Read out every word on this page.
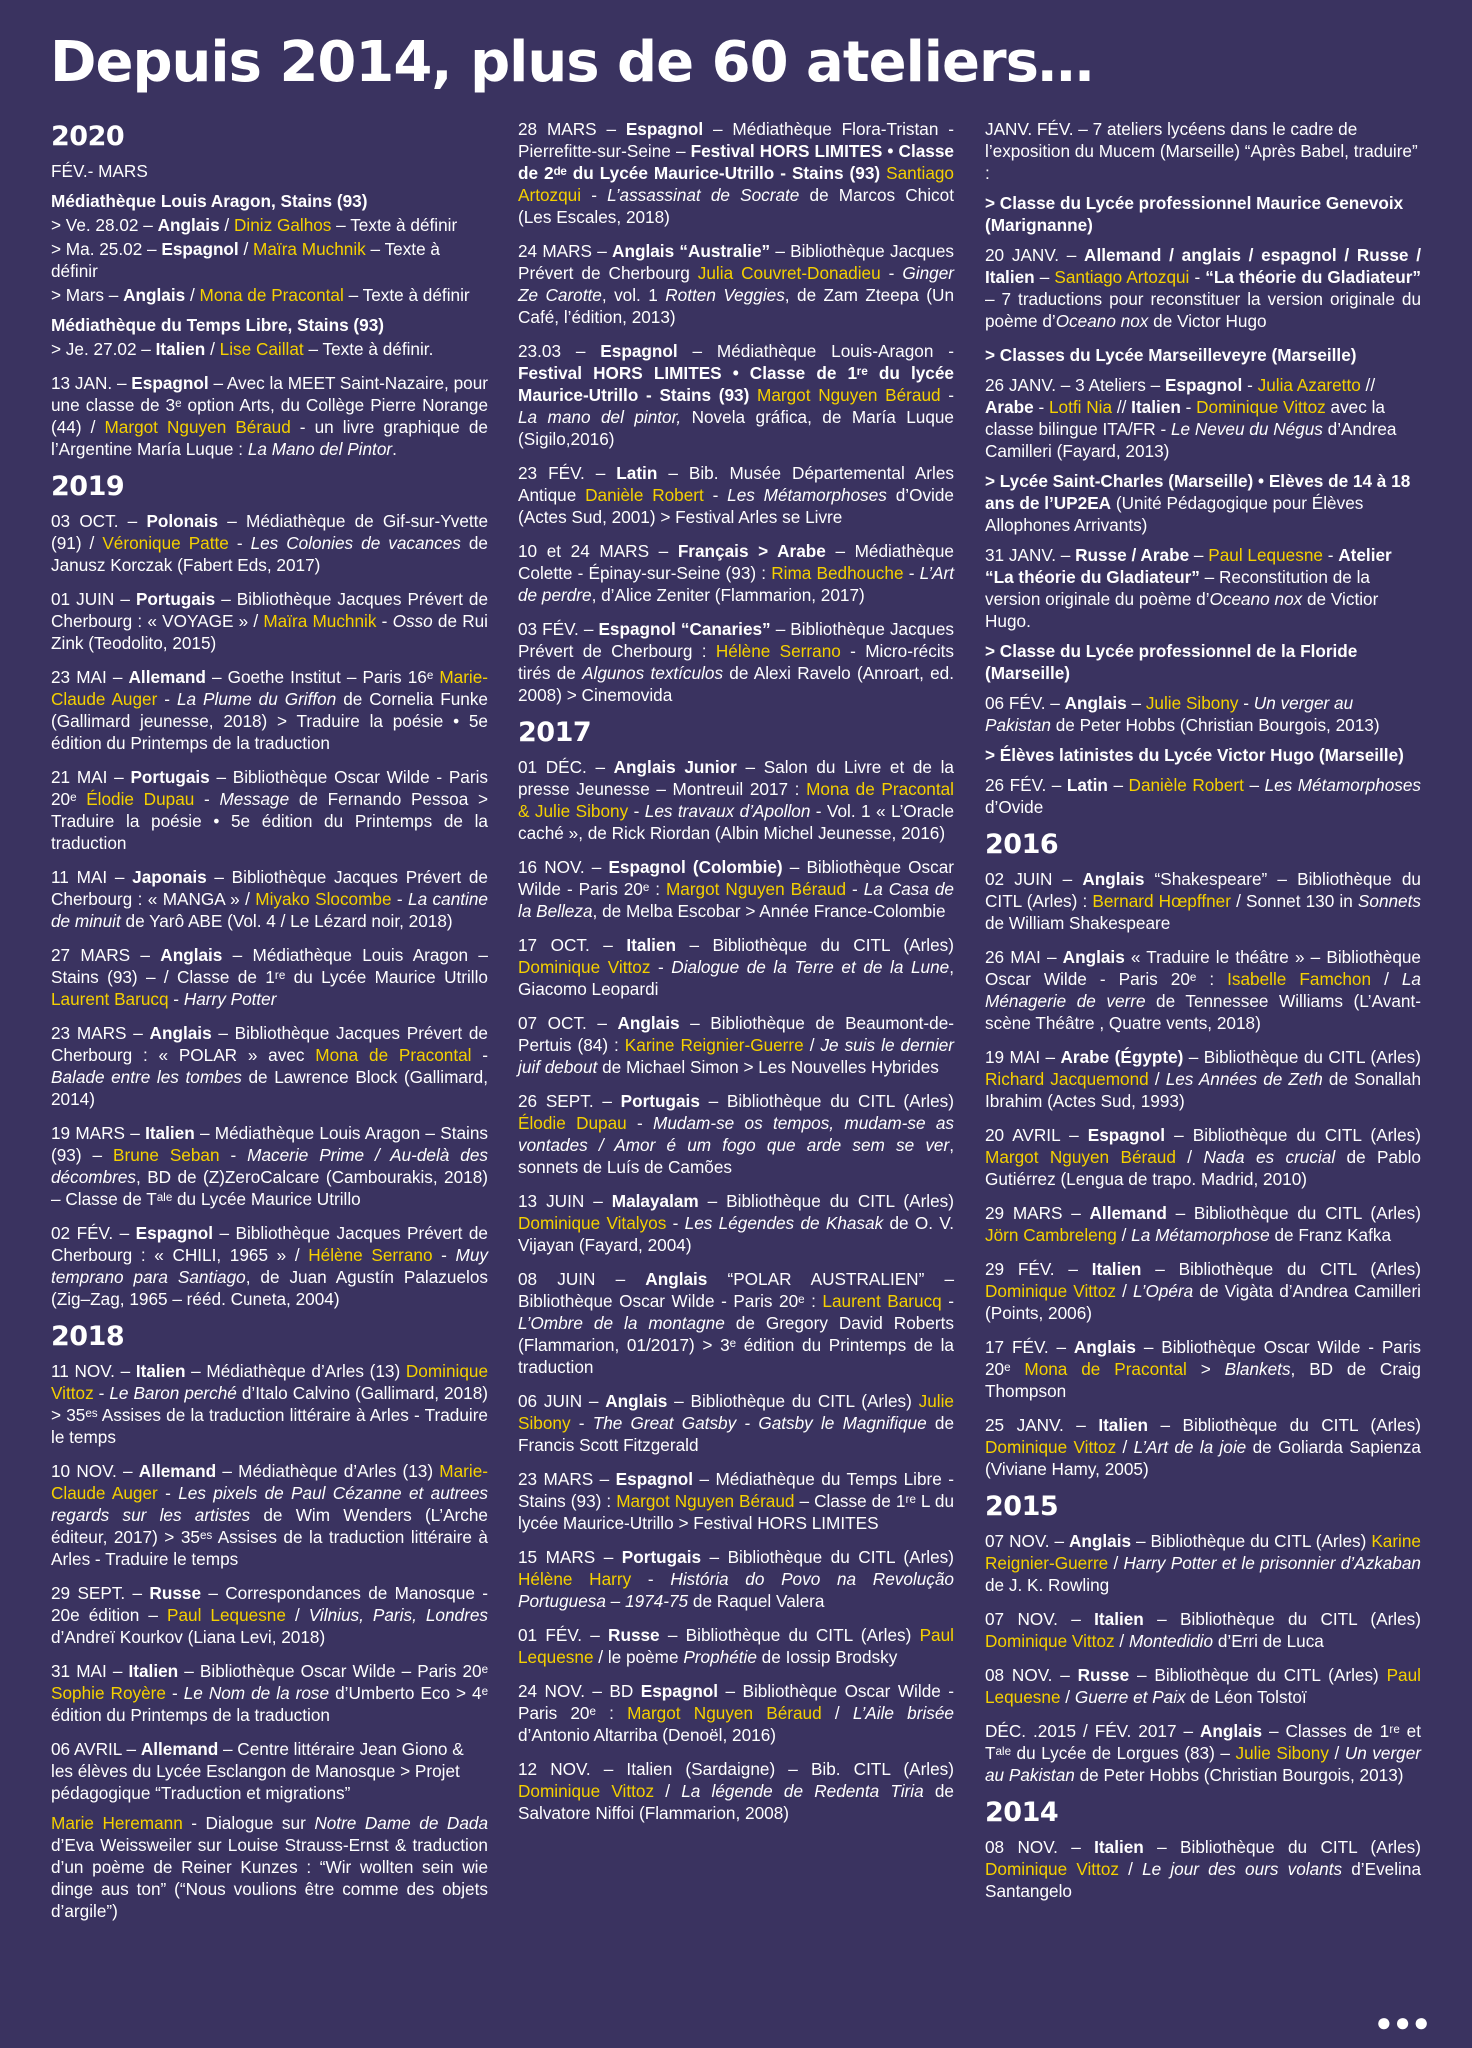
Depuis 2014, plus de 60 ateliers…
2020
FÉV.- MARS
Médiathèque Louis Aragon, Stains (93)
> Ve. 28.02 – Anglais / Diniz Galhos – Texte à définir
> Ma. 25.02 – Espagnol / Maïra Muchnik – Texte à définir
> Mars – Anglais / Mona de Pracontal – Texte à définir
Médiathèque du Temps Libre, Stains (93)
> Je. 27.02 – Italien / Lise Caillat – Texte à définir.
13 JAN. – Espagnol – Avec la MEET Saint-Nazaire, pour une classe de 3ᵉ option Arts, du Collège Pierre Norange (44) / Margot Nguyen Béraud - un livre graphique de l’Argentine María Luque : La Mano del Pintor.
2019
03 OCT. – Polonais – Médiathèque de Gif-sur-Yvette (91) / Véronique Patte - Les Colonies de vacances de Janusz Korczak (Fabert Eds, 2017)
01 JUIN – Portugais – Bibliothèque Jacques Prévert de Cherbourg : « VOYAGE » / Maïra Muchnik - Osso de Rui Zink (Teodolito, 2015)
23 MAI – Allemand – Goethe Institut – Paris 16ᵉ Marie-Claude Auger - La Plume du Griffon de Cornelia Funke (Gallimard jeunesse, 2018) > Traduire la poésie • 5e édition du Printemps de la traduction
21 MAI – Portugais – Bibliothèque Oscar Wilde - Paris 20ᵉ Élodie Dupau - Message de Fernando Pessoa > Traduire la poésie • 5e édition du Printemps de la traduction
11 MAI – Japonais – Bibliothèque Jacques Prévert de Cherbourg : « MANGA » / Miyako Slocombe - La cantine de minuit de Yarô ABE (Vol. 4 / Le Lézard noir, 2018)
27 MARS – Anglais – Médiathèque Louis Aragon – Stains (93) – / Classe de 1ʳᵉ du Lycée Maurice Utrillo Laurent Barucq - Harry Potter
23 MARS – Anglais – Bibliothèque Jacques Prévert de Cherbourg : « POLAR » avec Mona de Pracontal - Balade entre les tombes de Lawrence Block (Gallimard, 2014)
19 MARS – Italien – Médiathèque Louis Aragon – Stains (93) – Brune Seban - Macerie Prime / Au-delà des décombres, BD de (Z)ZeroCalcare (Cambourakis, 2018) – Classe de Tᵃˡᵉ du Lycée Maurice Utrillo
02 FÉV. – Espagnol – Bibliothèque Jacques Prévert de Cherbourg : « CHILI, 1965 » / Hélène Serrano - Muy temprano para Santiago, de Juan Agustín Palazuelos (Zig–Zag, 1965 – rééd. Cuneta, 2004)
2018
11 NOV. – Italien – Médiathèque d’Arles (13) Dominique Vittoz - Le Baron perché d’Italo Calvino (Gallimard, 2018) > 35ᵉˢ Assises de la traduction littéraire à Arles - Traduire le temps
10 NOV. – Allemand – Médiathèque d’Arles (13) Marie-Claude Auger - Les pixels de Paul Cézanne et autrees regards sur les artistes de Wim Wenders (L’Arche éditeur, 2017) > 35ᵉˢ Assises de la traduction littéraire à Arles - Traduire le temps
29 SEPT. – Russe – Correspondances de Manosque - 20e édition – Paul Lequesne / Vilnius, Paris, Londres d’Andreï Kourkov (Liana Levi, 2018)
31 MAI – Italien – Bibliothèque Oscar Wilde – Paris 20ᵉ Sophie Royère - Le Nom de la rose d’Umberto Eco > 4ᵉ édition du Printemps de la traduction
06 AVRIL – Allemand – Centre littéraire Jean Giono & les élèves du Lycée Esclangon de Manosque > Projet pédagogique “Traduction et migrations”
Marie Heremann - Dialogue sur Notre Dame de Dada d’Eva Weissweiler sur Louise Strauss-Ernst & traduction d’un poème de Reiner Kunzes : “Wir wollten sein wie dinge aus ton” (“Nous voulions être comme des objets d’argile”)
28 MARS – Espagnol – Médiathèque Flora-Tristan - Pierrefitte-sur-Seine – Festival HORS LIMITES • Classe de 2ᵈᵉ du Lycée Maurice-Utrillo - Stains (93) Santiago Artozqui - L’assassinat de Socrate de Marcos Chicot (Les Escales, 2018)
24 MARS – Anglais “Australie” – Bibliothèque Jacques Prévert de Cherbourg Julia Couvret-Donadieu - Ginger Ze Carotte, vol. 1 Rotten Veggies, de Zam Zteepa (Un Café, l’édition, 2013)
23.03 – Espagnol – Médiathèque Louis-Aragon - Festival HORS LIMITES • Classe de 1ʳᵉ du lycée Maurice-Utrillo - Stains (93) Margot Nguyen Béraud - La mano del pintor, Novela gráfica, de María Luque (Sigilo,2016)
23 FÉV. – Latin – Bib. Musée Départemental Arles Antique Danièle Robert - Les Métamorphoses d’Ovide (Actes Sud, 2001) > Festival Arles se Livre
10 et 24 MARS – Français > Arabe – Médiathèque Colette - Épinay-sur-Seine (93) : Rima Bedhouche - L’Art de perdre, d’Alice Zeniter (Flammarion, 2017)
03 FÉV. – Espagnol “Canaries” – Bibliothèque Jacques Prévert de Cherbourg : Hélène Serrano - Micro-récits tirés de Algunos textículos de Alexi Ravelo (Anroart, ed. 2008) > Cinemovida
2017
01 DÉC. – Anglais Junior – Salon du Livre et de la presse Jeunesse – Montreuil 2017 : Mona de Pracontal & Julie Sibony - Les travaux d’Apollon - Vol. 1 « L’Oracle caché », de Rick Riordan (Albin Michel Jeunesse, 2016)
16 NOV. – Espagnol (Colombie) – Bibliothèque Oscar Wilde - Paris 20ᵉ : Margot Nguyen Béraud - La Casa de la Belleza, de Melba Escobar > Année France-Colombie
17 OCT. – Italien – Bibliothèque du CITL (Arles) Dominique Vittoz - Dialogue de la Terre et de la Lune, Giacomo Leopardi
07 OCT. – Anglais – Bibliothèque de Beaumont-de-Pertuis (84) : Karine Reignier-Guerre / Je suis le dernier juif debout de Michael Simon > Les Nouvelles Hybrides
26 SEPT. – Portugais – Bibliothèque du CITL (Arles) Élodie Dupau - Mudam-se os tempos, mudam-se as vontades / Amor é um fogo que arde sem se ver, sonnets de Luís de Camões
13 JUIN – Malayalam – Bibliothèque du CITL (Arles) Dominique Vitalyos - Les Légendes de Khasak de O. V. Vijayan (Fayard, 2004)
08 JUIN – Anglais “POLAR AUSTRALIEN” – Bibliothèque Oscar Wilde - Paris 20ᵉ : Laurent Barucq - L’Ombre de la montagne de Gregory David Roberts (Flammarion, 01/2017) > 3ᵉ édition du Printemps de la traduction
06 JUIN – Anglais – Bibliothèque du CITL (Arles) Julie Sibony - The Great Gatsby - Gatsby le Magnifique de Francis Scott Fitzgerald
23 MARS – Espagnol – Médiathèque du Temps Libre - Stains (93) : Margot Nguyen Béraud – Classe de 1ʳᵉ L du lycée Maurice-Utrillo > Festival HORS LIMITES
15 MARS – Portugais – Bibliothèque du CITL (Arles) Hélène Harry - História do Povo na Revolução Portuguesa – 1974-75 de Raquel Valera
01 FÉV. – Russe – Bibliothèque du CITL (Arles) Paul Lequesne / le poème Prophétie de Iossip Brodsky
24 NOV. – BD Espagnol – Bibliothèque Oscar Wilde - Paris 20ᵉ : Margot Nguyen Béraud / L’Aile brisée d’Antonio Altarriba (Denoël, 2016)
12 NOV. – Italien (Sardaigne) – Bib. CITL (Arles) Dominique Vittoz / La légende de Redenta Tiria de Salvatore Niffoi (Flammarion, 2008)
JANV. FÉV. – 7 ateliers lycéens dans le cadre de l’exposition du Mucem (Marseille) “Après Babel, traduire” :
> Classe du Lycée professionnel Maurice Genevoix (Marignanne)
20 JANV. – Allemand / anglais / espagnol / Russe / Italien – Santiago Artozqui - “La théorie du Gladiateur” – 7 traductions pour reconstituer la version originale du poème d’Oceano nox de Victor Hugo
> Classes du Lycée Marseilleveyre (Marseille)
26 JANV. – 3 Ateliers – Espagnol - Julia Azaretto // Arabe - Lotfi Nia // Italien - Dominique Vittoz avec la classe bilingue ITA/FR - Le Neveu du Négus d’Andrea Camilleri (Fayard, 2013)
> Lycée Saint-Charles (Marseille) • Elèves de 14 à 18 ans de l’UP2EA (Unité Pédagogique pour Élèves Allophones Arrivants)
31 JANV. – Russe / Arabe – Paul Lequesne - Atelier “La théorie du Gladiateur” – Reconstitution de la version originale du poème d’Oceano nox de Victior Hugo.
> Classe du Lycée professionnel de la Floride (Marseille)
06 FÉV. – Anglais – Julie Sibony - Un verger au Pakistan de Peter Hobbs (Christian Bourgois, 2013)
> Élèves latinistes du Lycée Victor Hugo (Marseille)
26 FÉV. – Latin – Danièle Robert – Les Métamorphoses d’Ovide
2016
02 JUIN – Anglais “Shakespeare” – Bibliothèque du CITL (Arles) : Bernard Hœpffner / Sonnet 130 in Sonnets de William Shakespeare
26 MAI – Anglais « Traduire le théâtre » – Bibliothèque Oscar Wilde - Paris 20ᵉ : Isabelle Famchon / La Ménagerie de verre de Tennessee Williams (L’Avant-scène Théâtre , Quatre vents, 2018)
19 MAI – Arabe (Égypte) – Bibliothèque du CITL (Arles) Richard Jacquemond / Les Années de Zeth de Sonallah Ibrahim (Actes Sud, 1993)
20 AVRIL – Espagnol – Bibliothèque du CITL (Arles) Margot Nguyen Béraud / Nada es crucial de Pablo Gutiérrez (Lengua de trapo. Madrid, 2010)
29 MARS – Allemand – Bibliothèque du CITL (Arles) Jörn Cambreleng / La Métamorphose de Franz Kafka
29 FÉV. – Italien – Bibliothèque du CITL (Arles) Dominique Vittoz / L’Opéra de Vigàta d’Andrea Camilleri (Points, 2006)
17 FÉV. – Anglais – Bibliothèque Oscar Wilde - Paris 20ᵉ Mona de Pracontal > Blankets, BD de Craig Thompson
25 JANV. – Italien – Bibliothèque du CITL (Arles) Dominique Vittoz / L’Art de la joie de Goliarda Sapienza (Viviane Hamy, 2005)
2015
07 NOV. – Anglais – Bibliothèque du CITL (Arles) Karine Reignier-Guerre / Harry Potter et le prisonnier d’Azkaban de J. K. Rowling
07 NOV. – Italien – Bibliothèque du CITL (Arles) Dominique Vittoz / Montedidio d’Erri de Luca
08 NOV. – Russe – Bibliothèque du CITL (Arles) Paul Lequesne / Guerre et Paix de Léon Tolstoï
DÉC. .2015 / FÉV. 2017 – Anglais – Classes de 1ʳᵉ et Tᵃˡᵉ du Lycée de Lorgues (83) – Julie Sibony / Un verger au Pakistan de Peter Hobbs (Christian Bourgois, 2013)
2014
08 NOV. – Italien – Bibliothèque du CITL (Arles) Dominique Vittoz / Le jour des ours volants d’Evelina Santangelo
●●●
